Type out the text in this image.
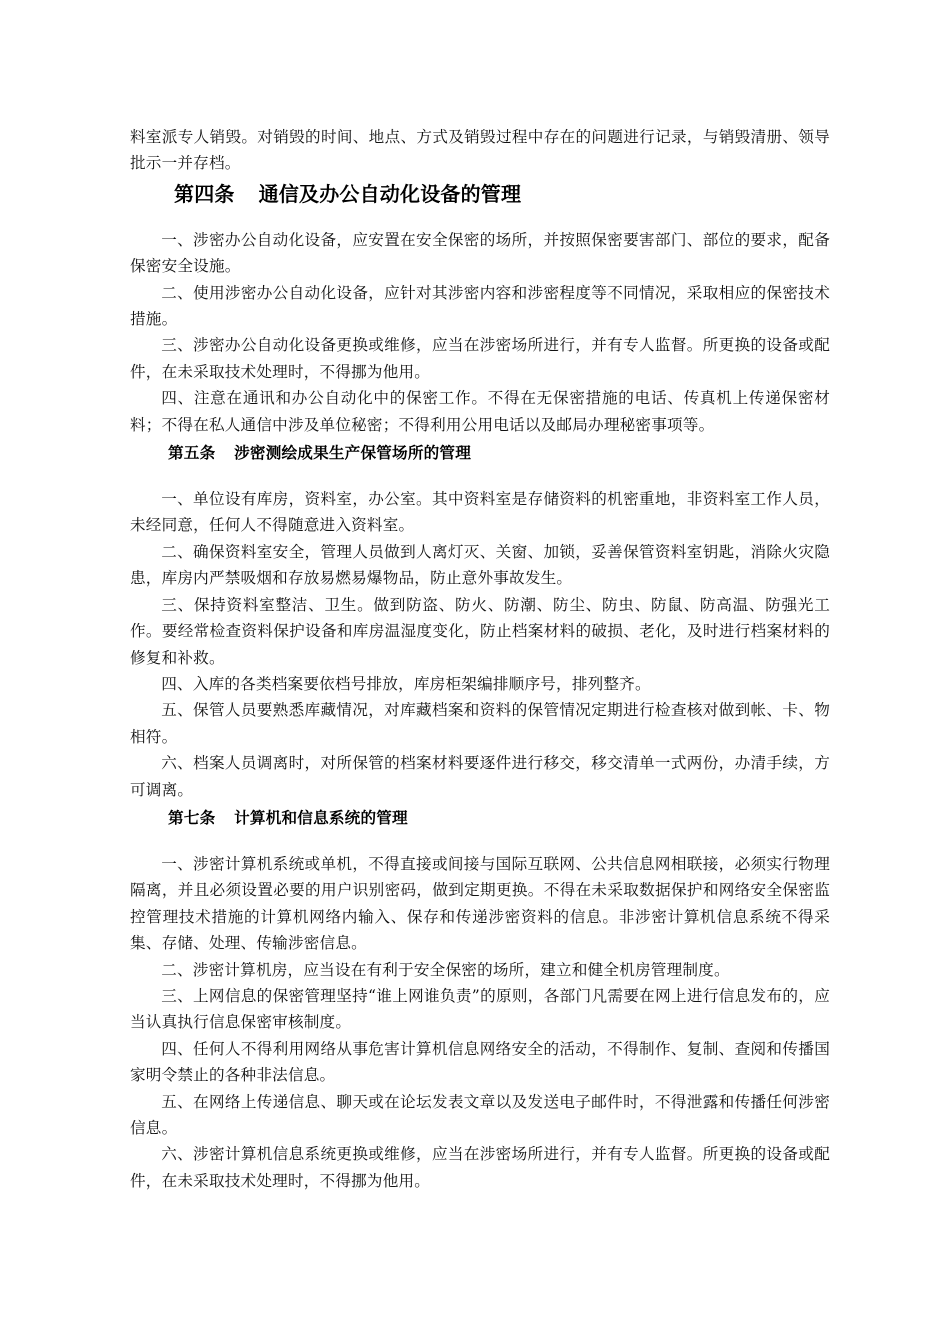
料室派专人销毁。对销毁的时间、地点、方式及销毁过程中存在的问题进行记录，与销毁清册、领导批示一并存档。

第四条 通信及办公自动化设备的管理

一、涉密办公自动化设备，应安置在安全保密的场所，并按照保密要害部门、部位的要求，配备保密安全设施。

二、使用涉密办公自动化设备，应针对其涉密内容和涉密程度等不同情况，采取相应的保密技术措施。

三、涉密办公自动化设备更换或维修，应当在涉密场所进行，并有专人监督。所更换的设备或配件，在未采取技术处理时，不得挪为他用。

四、注意在通讯和办公自动化中的保密工作。不得在无保密措施的电话、传真机上传递保密材料；不得在私人通信中涉及单位秘密；不得利用公用电话以及邮局办理秘密事项等。

第五条 涉密测绘成果生产保管场所的管理

一、单位设有库房，资料室，办公室。其中资料室是存储资料的机密重地，非资料室工作人员，未经同意，任何人不得随意进入资料室。

二、确保资料室安全，管理人员做到人离灯灭、关窗、加锁，妥善保管资料室钥匙，消除火灾隐患，库房内严禁吸烟和存放易燃易爆物品，防止意外事故发生。

三、保持资料室整洁、卫生。做到防盗、防火、防潮、防尘、防虫、防鼠、防高温、防强光工作。要经常检查资料保护设备和库房温湿度变化，防止档案材料的破损、老化，及时进行档案材料的修复和补救。

四、入库的各类档案要依档号排放，库房柜架编排顺序号，排列整齐。

五、保管人员要熟悉库藏情况，对库藏档案和资料的保管情况定期进行检查核对做到帐、卡、物相符。

六、档案人员调离时，对所保管的档案材料要逐件进行移交，移交清单一式两份，办清手续，方可调离。

第七条 计算机和信息系统的管理

一、涉密计算机系统或单机，不得直接或间接与国际互联网、公共信息网相联接，必须实行物理隔离，并且必须设置必要的用户识别密码，做到定期更换。不得在未采取数据保护和网络安全保密监控管理技术措施的计算机网络内输入、保存和传递涉密资料的信息。非涉密计算机信息系统不得采集、存储、处理、传输涉密信息。

二、涉密计算机房，应当设在有利于安全保密的场所，建立和健全机房管理制度。

三、上网信息的保密管理坚持“谁上网谁负责”的原则，各部门凡需要在网上进行信息发布的，应当认真执行信息保密审核制度。

四、任何人不得利用网络从事危害计算机信息网络安全的活动，不得制作、复制、查阅和传播国家明令禁止的各种非法信息。

五、在网络上传递信息、聊天或在论坛发表文章以及发送电子邮件时，不得泄露和传播任何涉密信息。

六、涉密计算机信息系统更换或维修，应当在涉密场所进行，并有专人监督。所更换的设备或配件，在未采取技术处理时，不得挪为他用。
